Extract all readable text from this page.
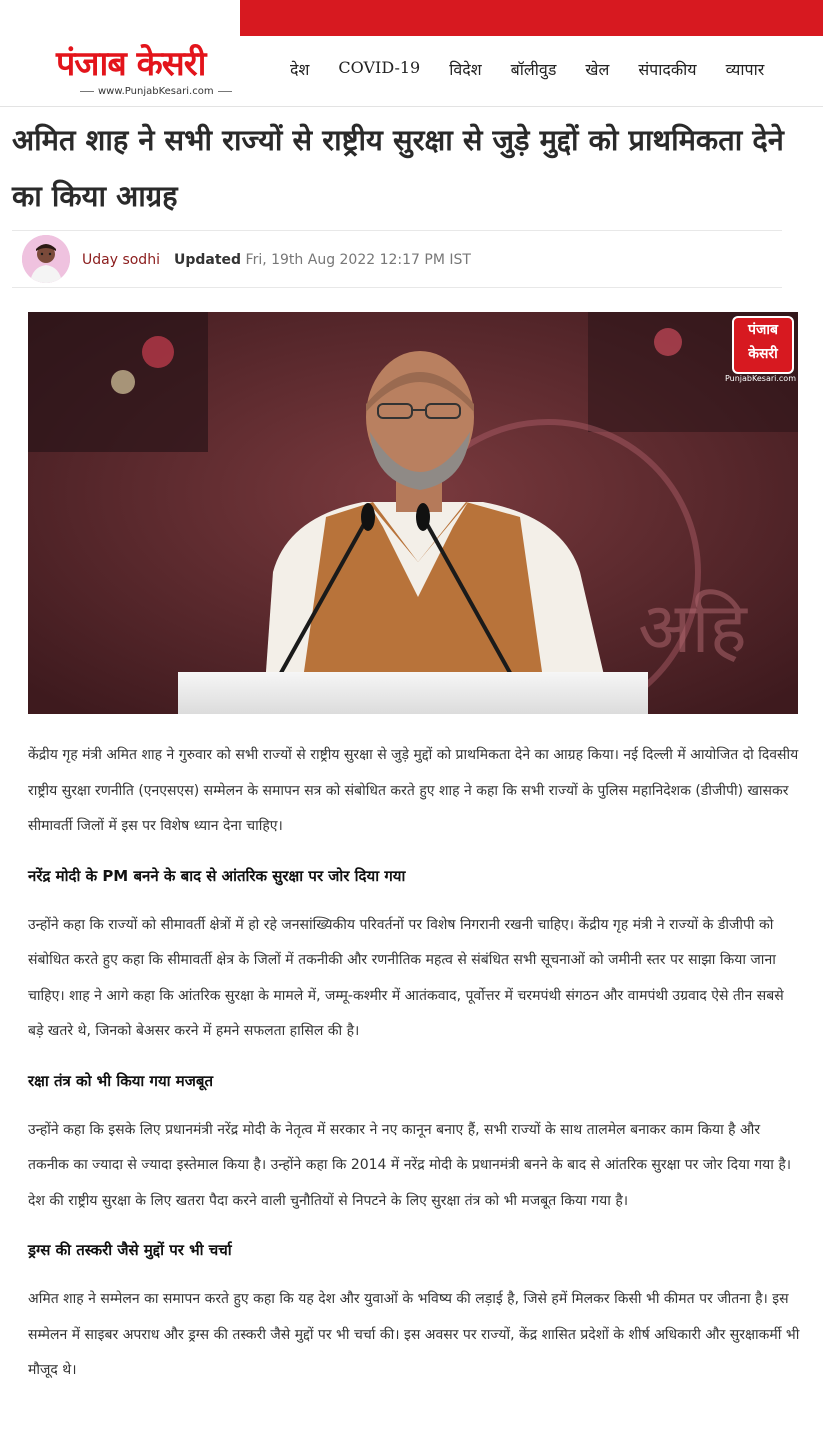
पंजाब केसरी
www.PunjabKesari.com
देश COVID-19 विदेश बॉलीवुड खेल संपादकीय व्यापार
अमित शाह ने सभी राज्यों से राष्ट्रीय सुरक्षा से जुड़े मुद्दों को प्राथमिकता देने का किया आग्रह
Uday sodhi Updated Fri, 19th Aug 2022 12:17 PM IST
अहि
पंजाब केसरी
PunjabKesari.com

केंद्रीय गृह मंत्री अमित शाह ने गुरुवार को सभी राज्यों से राष्ट्रीय सुरक्षा से जुड़े मुद्दों को प्राथमिकता देने का आग्रह किया। नई दिल्ली में आयोजित दो दिवसीय राष्ट्रीय सुरक्षा रणनीति (एनएसएस) सम्मेलन के समापन सत्र को संबोधित करते हुए शाह ने कहा कि सभी राज्यों के पुलिस महानिदेशक (डीजीपी) खासकर सीमावर्ती जिलों में इस पर विशेष ध्यान देना चाहिए।

नरेंद्र मोदी के PM बनने के बाद से आंतरिक सुरक्षा पर जोर दिया गया

उन्होंने कहा कि राज्यों को सीमावर्ती क्षेत्रों में हो रहे जनसांख्यिकीय परिवर्तनों पर विशेष निगरानी रखनी चाहिए। केंद्रीय गृह मंत्री ने राज्यों के डीजीपी को संबोधित करते हुए कहा कि सीमावर्ती क्षेत्र के जिलों में तकनीकी और रणनीतिक महत्व से संबंधित सभी सूचनाओं को जमीनी स्तर पर साझा किया जाना चाहिए। शाह ने आगे कहा कि आंतरिक सुरक्षा के मामले में, जम्मू-कश्मीर में आतंकवाद, पूर्वोत्तर में चरमपंथी संगठन और वामपंथी उग्रवाद ऐसे तीन सबसे बड़े खतरे थे, जिनको बेअसर करने में हमने सफलता हासिल की है।

रक्षा तंत्र को भी किया गया मजबूत

उन्होंने कहा कि इसके लिए प्रधानमंत्री नरेंद्र मोदी के नेतृत्व में सरकार ने नए कानून बनाए हैं, सभी राज्यों के साथ तालमेल बनाकर काम किया है और तकनीक का ज्यादा से ज्यादा इस्तेमाल किया है। उन्होंने कहा कि 2014 में नरेंद्र मोदी के प्रधानमंत्री बनने के बाद से आंतरिक सुरक्षा पर जोर दिया गया है। देश की राष्ट्रीय सुरक्षा के लिए खतरा पैदा करने वाली चुनौतियों से निपटने के लिए सुरक्षा तंत्र को भी मजबूत किया गया है।

ड्रग्स की तस्करी जैसे मुद्दों पर भी चर्चा

अमित शाह ने सम्मेलन का समापन करते हुए कहा कि यह देश और युवाओं के भविष्य की लड़ाई है, जिसे हमें मिलकर किसी भी कीमत पर जीतना है। इस सम्मेलन में साइबर अपराध और ड्रग्स की तस्करी जैसे मुद्दों पर भी चर्चा की। इस अवसर पर राज्यों, केंद्र शासित प्रदेशों के शीर्ष अधिकारी और सुरक्षाकर्मी भी मौजूद थे।
